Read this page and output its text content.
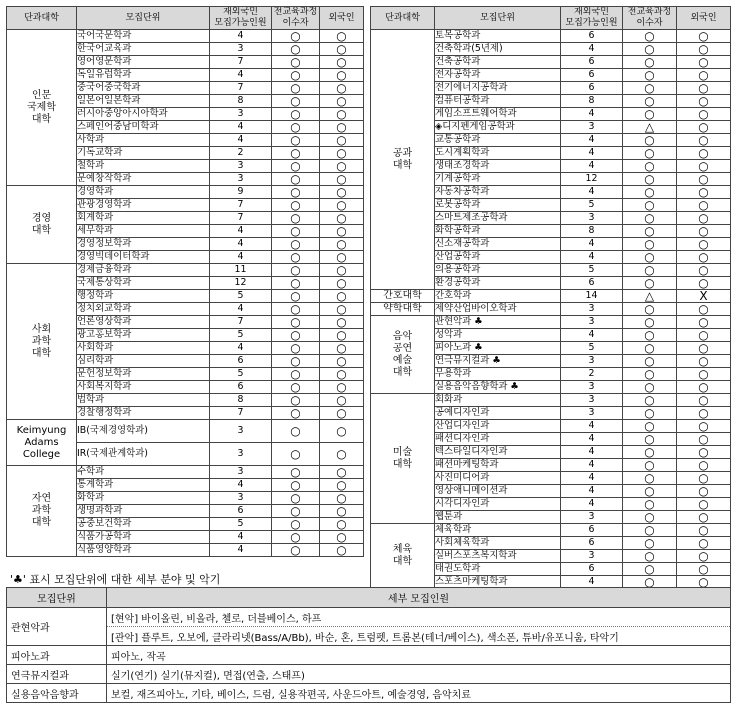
단과대학	모집단위	재외국민
모집가능인원	전교육과정
이수자	외국인
인문
국제학
대학	국어국문학과	4	○	○
	한국어교육과	3	○	○
	영어영문학과	7	○	○
	독일유럽학과	4	○	○
	중국어중국학과	7	○	○
	일본어일본학과	8	○	○
	러시아중앙아시아학과	3	○	○
	스페인어중남미학과	4	○	○
	사학과	4	○	○
	기독교학과	2	○	○
	철학과	3	○	○
	문예창작학과	3	○	○
경영
대학	경영학과	9	○	○
	관광경영학과	7	○	○
	회계학과	7	○	○
	세무학과	4	○	○
	경영정보학과	4	○	○
	경영빅데이터학과	4	○	○
사회
과학
대학	경제금융학과	11	○	○
	국제통상학과	12	○	○
	행정학과	5	○	○
	정치외교학과	4	○	○
	언론영상학과	7	○	○
	광고홍보학과	5	○	○
	사회학과	4	○	○
	심리학과	6	○	○
	문헌정보학과	5	○	○
	사회복지학과	6	○	○
	법학과	8	○	○
	경찰행정학과	7	○	○
Keimyung
Adams
College	IB(국제경영학과)	3	○	○
	IR(국제관계학과)	3	○	○
자연
과학
대학	수학과	3	○	○
	통계학과	4	○	○
	화학과	3	○	○
	생명과학과	6	○	○
	공중보건학과	5	○	○
	식품가공학과	4	○	○
	식품영양학과	4	○	○
단과대학	모집단위	재외국민
모집가능인원	전교육과정
이수자	외국인
공과
대학	토목공학과	6	○	○
	건축학과(5년제)	4	○	○
	건축공학과	6	○	○
	전자공학과	6	○	○
	전기에너지공학과	6	○	○
	컴퓨터공학과	8	○	○
	게임소프트웨어학과	4	○	○
	◈디지펜게임공학과	3	△	○
	교통공학과	4	○	○
	도시계획학과	4	○	○
	생태조경학과	4	○	○
	기계공학과	12	○	○
	자동차공학과	4	○	○
	로봇공학과	5	○	○
	스마트제조공학과	3	○	○
	화학공학과	8	○	○
	신소재공학과	4	○	○
	산업공학과	4	○	○
	의용공학과	5	○	○
	환경공학과	6	○	○
간호대학	간호학과	14	△	X
약학대학	제약산업바이오학과	3	○	○
음악
공연
예술
대학	관현악과 ♣	3	○	○
	성악과	4	○	○
	피아노과 ♣	5	○	○
	연극뮤지컬과 ♣	3	○	○
	무용학과	2	○	○
	실용음악음향학과 ♣	3	○	○
미술
대학	회화과	3	○	○
	공예디자인과	3	○	○
	산업디자인과	4	○	○
	패션디자인과	4	○	○
	텍스타일디자인과	4	○	○
	패션마케팅학과	4	○	○
	사진미디어과	4	○	○
	영상애니메이션과	4	○	○
	시각디자인과	4	○	○
	웹툰과	3	○	○
체육
대학	체육학과	6	○	○
	사회체육학과	6	○	○
	실버스포츠복지학과	3	○	○
	태권도학과	6	○	○
	스포츠마케팅학과	4	○	○
'♣' 표시 모집단위에 대한 세부 분야 및 악기
모집단위	세부 모집인원
관현악과	[현악] 바이올린, 비올라, 첼로, 더블베이스, 하프
	[관악] 플루트, 오보에, 클라리넷(Bass/A/Bb), 바순, 혼, 트럼펫, 트롬본(테너/베이스), 색소폰, 튜바/유포니움, 타악기
피아노과	피아노, 작곡
연극뮤지컬과	실기(연기) 실기(뮤지컬), 면접(연출, 스태프)
실용음악음향과	보컬, 재즈피아노, 기타, 베이스, 드럼, 실용작편곡, 사운드아트, 예술경영, 음악치료
